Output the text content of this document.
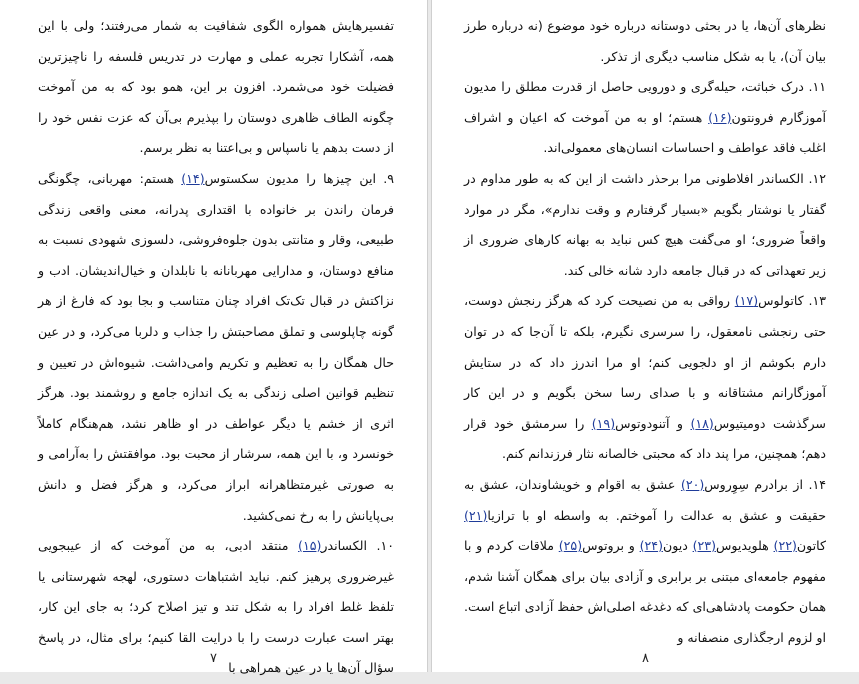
تفسیرهایش همواره الگوی شفافیت به شمار می‌رفتند؛ ولی با این همه، آشکارا تجربه عملی و مهارت در تدریس فلسفه را ناچیزترین فضیلت خود می‌شمرد. افزون بر این، همو بود که به من آموخت چگونه الطاف ظاهری دوستان را بپذیرم بی‌آن که عزت نفس خود را از دست بدهم یا ناسپاس و بی‌اعتنا به نظر برسم.

۹. این چیزها را مدیون سکستوس(۱۴) هستم: مهربانی، چگونگی فرمان راندن بر خانواده با اقتداری پدرانه، معنی واقعی زندگی طبیعی، وقار و متانتی بدون جلوه‌فروشی، دلسوزی شهودی نسبت به منافع دوستان، و مدارایی مهربانانه با نابلدان و خیال‌اندیشان. ادب و نزاکتش در قبال تک‌تک افراد چنان متناسب و بجا بود که فارغ از هر گونه چاپلوسی و تملق مصاحبتش را جذاب و دلربا می‌کرد، و در عین حال همگان را به تعظیم و تکریم وامی‌داشت. شیوه‌اش در تعیین و تنظیم قوانین اصلی زندگی به یک اندازه جامع و روشمند بود. هرگز اثری از خشم یا دیگر عواطف در او ظاهر نشد، هم‌هنگام کاملاً خونسرد و، با این همه، سرشار از محبت بود. موافقتش را به‌آرامی و به صورتی غیرمتظاهرانه ابراز می‌کرد، و هرگز فضل و دانش بی‌پایانش را به رخ نمی‌کشید.

۱۰. الکساندر(۱۵) منتقد ادبی، به من آموخت که از عیبجویی غیرضروری پرهیز کنم. نباید اشتباهات دستوری، لهجه شهرستانی یا تلفظ غلط افراد را به شکل تند و تیز اصلاح کرد؛ به جای این کار، بهتر است عبارت درست را با درایت القا کنیم؛ برای مثال، در پاسخ سؤال آن‌ها یا در عین همراهی با

۷

نظرهای آن‌ها، یا در بحثی دوستانه درباره خود موضوع (نه درباره طرز بیان آن)، یا به شکل مناسب دیگری از تذکر.

۱۱. درک خباثت، حیله‌گری و دورویی حاصل از قدرت مطلق را مدیون آموزگارم فرونتون(۱۶) هستم؛ او به من آموخت که اعیان و اشراف اغلب فاقد عواطف و احساسات انسان‌های معمولی‌اند.

۱۲. الکساندر افلاطونی مرا برحذر داشت از این که به طور مداوم در گفتار یا نوشتار بگویم «بسیار گرفتارم و وقت ندارم»، مگر در موارد واقعاً ضروری؛ او می‌گفت هیچ کس نباید به بهانه کارهای ضروری از زیر تعهداتی که در قبال جامعه دارد شانه خالی کند.

۱۳. کاتولوس(۱۷) رواقی به من نصیحت کرد که هرگز رنجش دوست، حتی رنجشی نامعقول، را سرسری نگیرم، بلکه تا آن‌جا که در توان دارم بکوشم از او دلجویی کنم؛ او مرا اندرز داد که در ستایش آموزگارانم مشتاقانه و با صدای رسا سخن بگویم و در این کار سرگذشت دومیتیوس(۱۸) و آتنودوتوس(۱۹) را سرمشق خود قرار دهم؛ همچنین، مرا پند داد که محبتی خالصانه نثار فرزندانم کنم.

۱۴. از برادرم سِوِروس(۲۰) عشق به اقوام و خویشاوندان، عشق به حقیقت و عشق به عدالت را آموختم. به واسطه او با ترازیا(۲۱) کاتون(۲۲) هلوید‌یوس(۲۳) دیون(۲۴) و بروتوس(۲۵) ملاقات کردم و با مفهوم جامعه‌ای مبتنی بر برابری و آزادی بیان برای همگان آشنا شدم، همان حکومت پادشاهی‌ای که دغدغه اصلی‌اش حفظ آزادی اتباع است. او لزوم ارجگذاری منصفانه و

۸
